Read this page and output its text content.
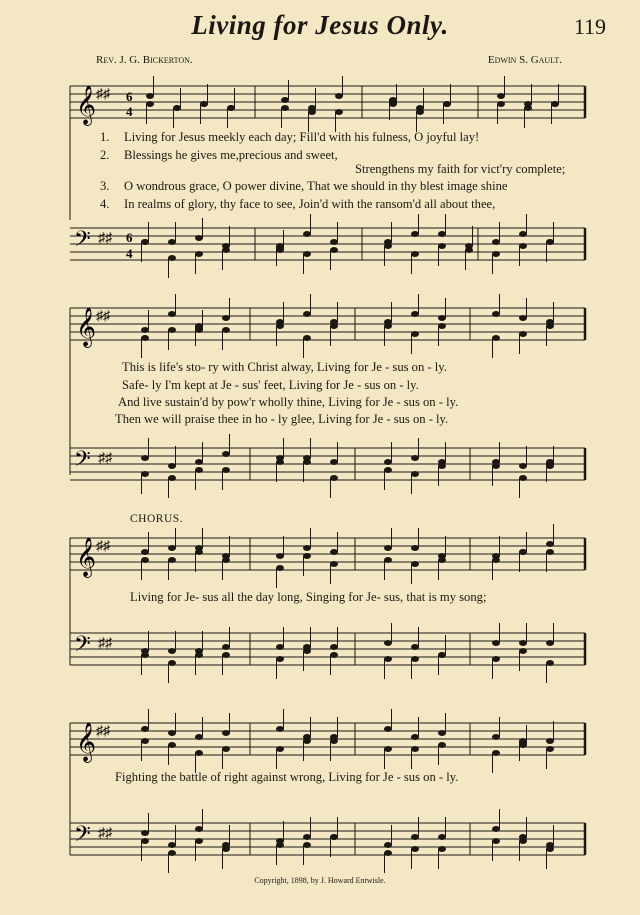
Living for Jesus Only.	119
Rev. J. G. Bickerton.	Edwin S. Gault.
𝄞 ♯♯ 6
4
1. Living for Jesus meekly each day; Fill'd with his fulness, O joyful lay!
2. Blessings he gives me,precious and sweet,
Strengthens my faith for vict'ry complete;
3. O wondrous grace, O power divine, That we should in thy blest image shine
4. In realms of glory, thy face to see, Join'd with the ransom'd all about thee,
𝄢 ♯♯ 6
4
𝄞 ♯♯
This is life's sto- ry with Christ alway, Living for Je - sus on - ly.
Safe- ly I'm kept at Je - sus' feet, Living for Je - sus on - ly.
And live sustain'd by pow'r wholly thine, Living for Je - sus on - ly.
Then we will praise thee in ho - ly glee, Living for Je - sus on - ly.
𝄢 ♯♯
CHORUS.
𝄞 ♯♯
Living for Je- sus all the day long, Singing for Je- sus, that is my song;
𝄢 ♯♯
𝄞 ♯♯
Fighting the battle of right against wrong, Living for Je - sus on - ly.
𝄢 ♯♯
Copyright, 1898, by J. Howard Entwisle.
